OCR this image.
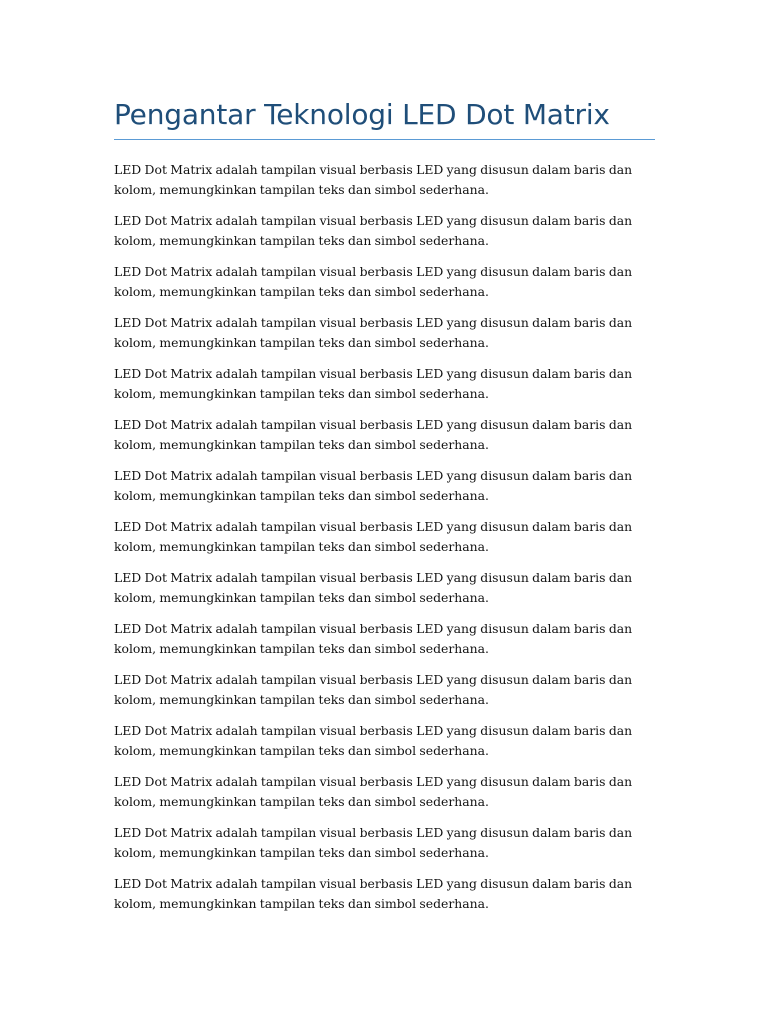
Pengantar Teknologi LED Dot Matrix

LED Dot Matrix adalah tampilan visual berbasis LED yang disusun dalam baris dan kolom, memungkinkan tampilan teks dan simbol sederhana.

LED Dot Matrix adalah tampilan visual berbasis LED yang disusun dalam baris dan kolom, memungkinkan tampilan teks dan simbol sederhana.

LED Dot Matrix adalah tampilan visual berbasis LED yang disusun dalam baris dan kolom, memungkinkan tampilan teks dan simbol sederhana.

LED Dot Matrix adalah tampilan visual berbasis LED yang disusun dalam baris dan kolom, memungkinkan tampilan teks dan simbol sederhana.

LED Dot Matrix adalah tampilan visual berbasis LED yang disusun dalam baris dan kolom, memungkinkan tampilan teks dan simbol sederhana.

LED Dot Matrix adalah tampilan visual berbasis LED yang disusun dalam baris dan kolom, memungkinkan tampilan teks dan simbol sederhana.

LED Dot Matrix adalah tampilan visual berbasis LED yang disusun dalam baris dan kolom, memungkinkan tampilan teks dan simbol sederhana.

LED Dot Matrix adalah tampilan visual berbasis LED yang disusun dalam baris dan kolom, memungkinkan tampilan teks dan simbol sederhana.

LED Dot Matrix adalah tampilan visual berbasis LED yang disusun dalam baris dan kolom, memungkinkan tampilan teks dan simbol sederhana.

LED Dot Matrix adalah tampilan visual berbasis LED yang disusun dalam baris dan kolom, memungkinkan tampilan teks dan simbol sederhana.

LED Dot Matrix adalah tampilan visual berbasis LED yang disusun dalam baris dan kolom, memungkinkan tampilan teks dan simbol sederhana.

LED Dot Matrix adalah tampilan visual berbasis LED yang disusun dalam baris dan kolom, memungkinkan tampilan teks dan simbol sederhana.

LED Dot Matrix adalah tampilan visual berbasis LED yang disusun dalam baris dan kolom, memungkinkan tampilan teks dan simbol sederhana.

LED Dot Matrix adalah tampilan visual berbasis LED yang disusun dalam baris dan kolom, memungkinkan tampilan teks dan simbol sederhana.

LED Dot Matrix adalah tampilan visual berbasis LED yang disusun dalam baris dan kolom, memungkinkan tampilan teks dan simbol sederhana.
